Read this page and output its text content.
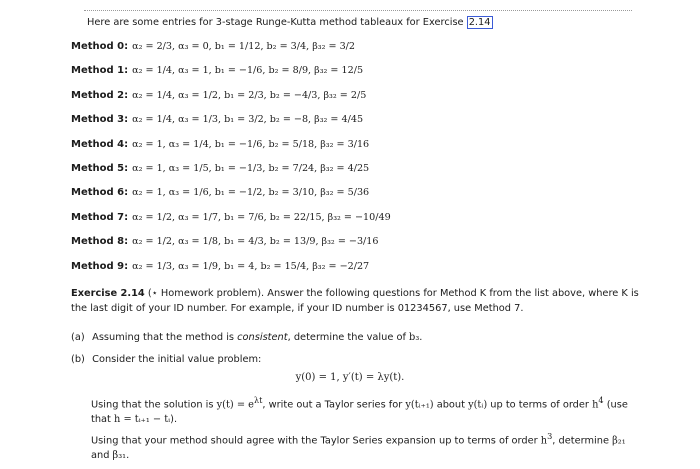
Here are some entries for 3-stage Runge-Kutta method tableaux for Exercise 2.14
Method 0: α₂ = 2/3, α₃ = 0, b₁ = 1/12, b₂ = 3/4, β₃₂ = 3/2
Method 1: α₂ = 1/4, α₃ = 1, b₁ = −1/6, b₂ = 8/9, β₃₂ = 12/5
Method 2: α₂ = 1/4, α₃ = 1/2, b₁ = 2/3, b₂ = −4/3, β₃₂ = 2/5
Method 3: α₂ = 1/4, α₃ = 1/3, b₁ = 3/2, b₂ = −8, β₃₂ = 4/45
Method 4: α₂ = 1, α₃ = 1/4, b₁ = −1/6, b₂ = 5/18, β₃₂ = 3/16
Method 5: α₂ = 1, α₃ = 1/5, b₁ = −1/3, b₂ = 7/24, β₃₂ = 4/25
Method 6: α₂ = 1, α₃ = 1/6, b₁ = −1/2, b₂ = 3/10, β₃₂ = 5/36
Method 7: α₂ = 1/2, α₃ = 1/7, b₁ = 7/6, b₂ = 22/15, β₃₂ = −10/49
Method 8: α₂ = 1/2, α₃ = 1/8, b₁ = 4/3, b₂ = 13/9, β₃₂ = −3/16
Method 9: α₂ = 1/3, α₃ = 1/9, b₁ = 4, b₂ = 15/4, β₃₂ = −2/27
Exercise 2.14 (⋆ Homework problem). Answer the following questions for Method K from the list above, where K is the last digit of your ID number. For example, if your ID number is 01234567, use Method 7.
(a) Assuming that the method is consistent, determine the value of b₃.
(b) Consider the initial value problem:
y(0) = 1, y′(t) = λy(t).
Using that the solution is $y(t) = e^{\lambda t}$, write out a Taylor series for y(tᵢ₊₁) about y(tᵢ) up to terms of order $h^4$ (use that h = tᵢ₊₁ − tᵢ).
Using that your method should agree with the Taylor Series expansion up to terms of order $h^3$, determine β₂₁ and β₃₁.
